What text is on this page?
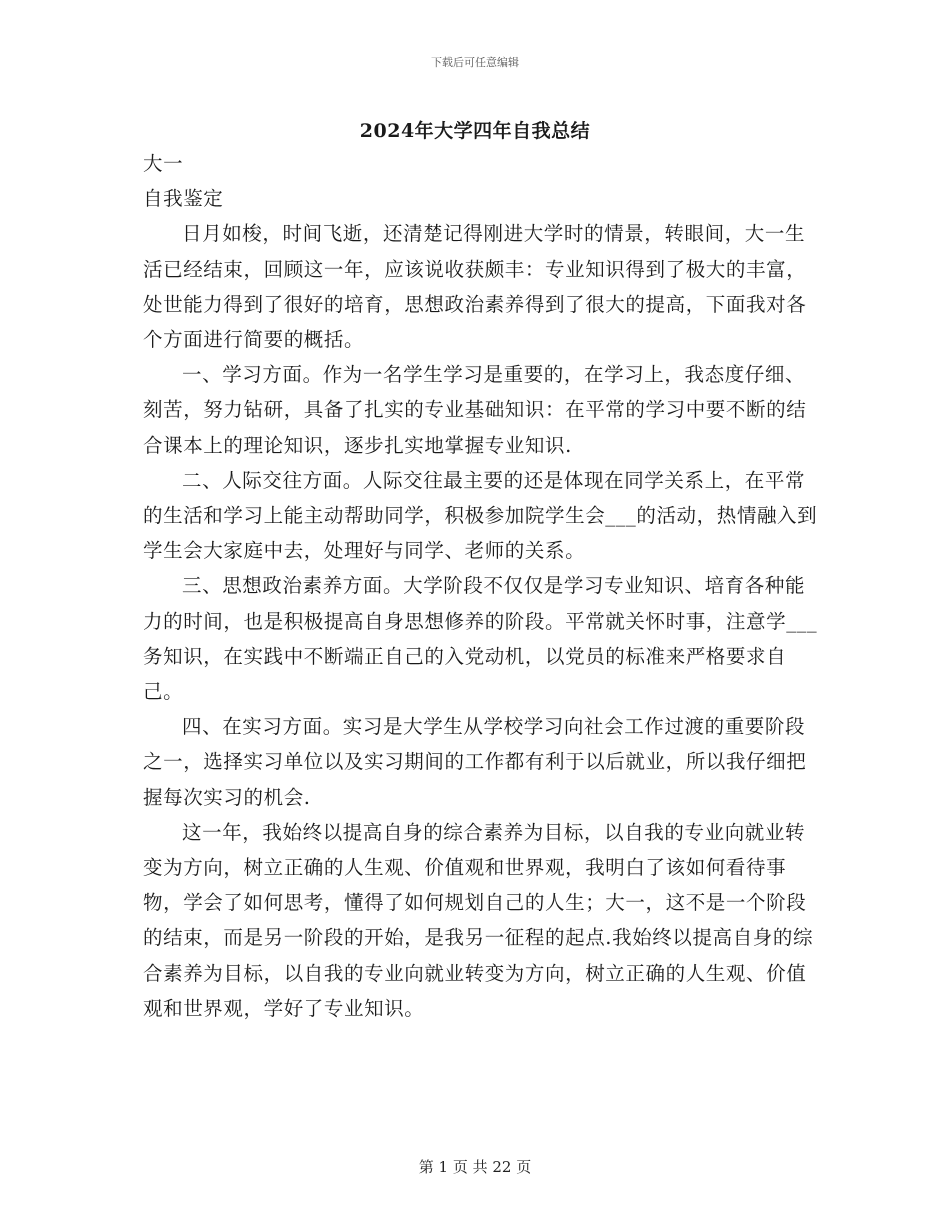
下载后可任意编辑
2024年大学四年自我总结

大一

自我鉴定

日月如梭，时间飞逝，还清楚记得刚进大学时的情景，转眼间，大一生活已经结束，回顾这一年，应该说收获颇丰：专业知识得到了极大的丰富，处世能力得到了很好的培育，思想政治素养得到了很大的提高，下面我对各个方面进行简要的概括。

一、学习方面。作为一名学生学习是重要的，在学习上，我态度仔细、刻苦，努力钻研，具备了扎实的专业基础知识：在平常的学习中要不断的结合课本上的理论知识，逐步扎实地掌握专业知识.

二、人际交往方面。人际交往最主要的还是体现在同学关系上，在平常的生活和学习上能主动帮助同学，积极参加院学生会___的活动，热情融入到学生会大家庭中去，处理好与同学、老师的关系。

三、思想政治素养方面。大学阶段不仅仅是学习专业知识、培育各种能力的时间，也是积极提高自身思想修养的阶段。平常就关怀时事，注意学___务知识，在实践中不断端正自己的入党动机，以党员的标准来严格要求自己。

四、在实习方面。实习是大学生从学校学习向社会工作过渡的重要阶段之一，选择实习单位以及实习期间的工作都有利于以后就业，所以我仔细把握每次实习的机会.

这一年，我始终以提高自身的综合素养为目标，以自我的专业向就业转变为方向，树立正确的人生观、价值观和世界观，我明白了该如何看待事物，学会了如何思考，懂得了如何规划自己的人生；大一，这不是一个阶段的结束，而是另一阶段的开始，是我另一征程的起点.我始终以提高自身的综合素养为目标，以自我的专业向就业转变为方向，树立正确的人生观、价值观和世界观，学好了专业知识。

第 1 页 共 22 页
